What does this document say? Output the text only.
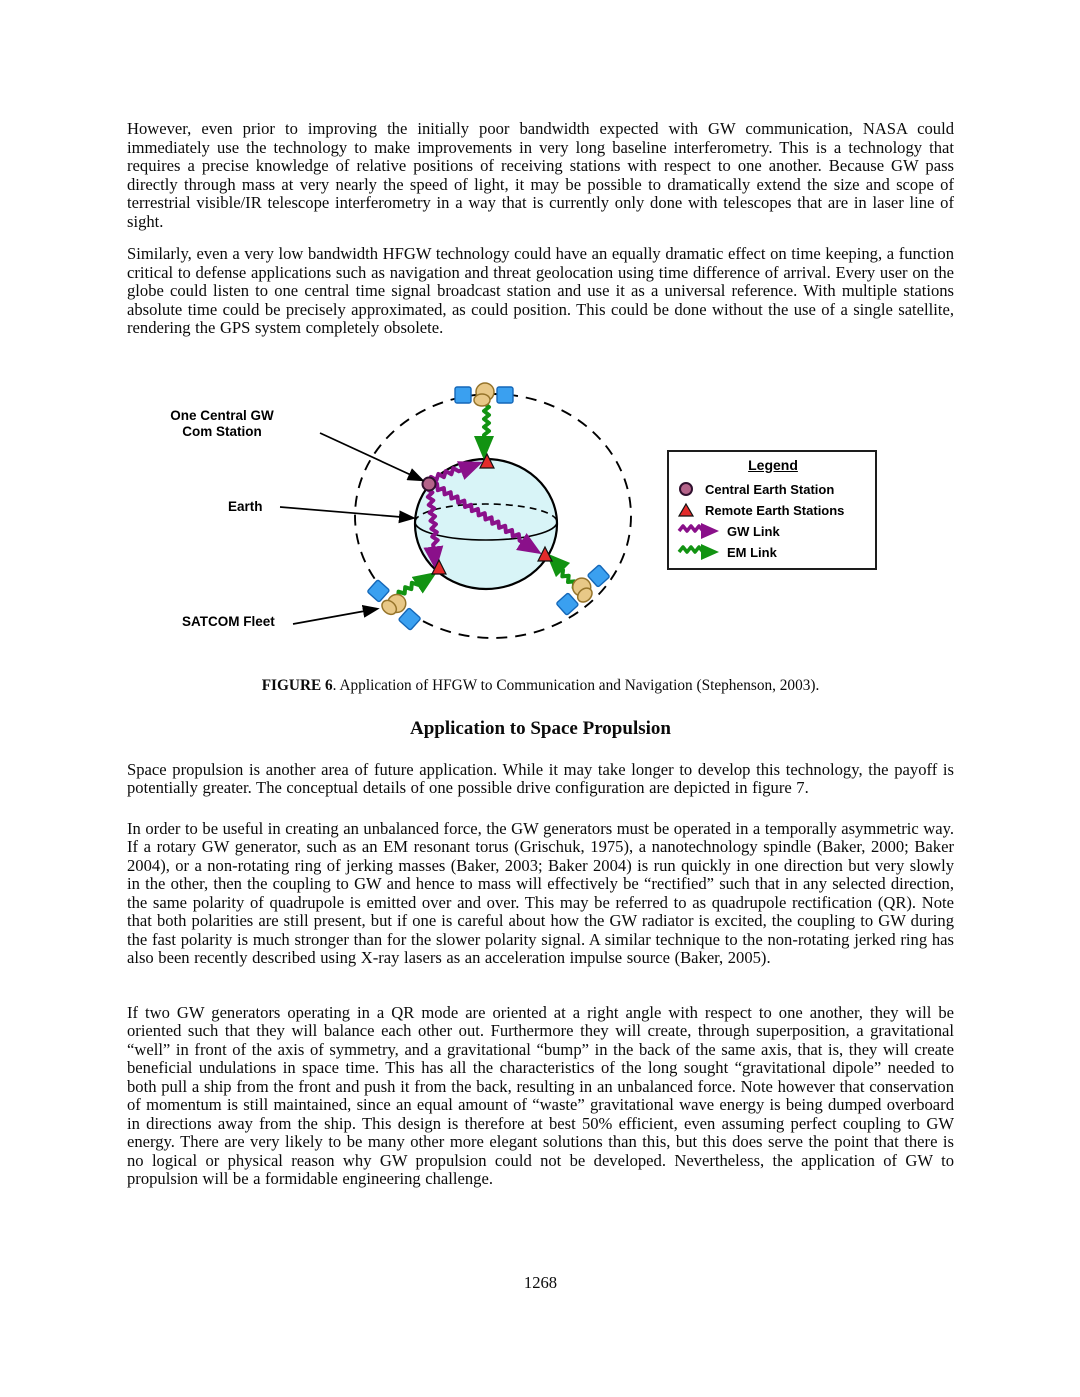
However, even prior to improving the initially poor bandwidth expected with GW communication, NASA could immediately use the technology to make improvements in very long baseline interferometry. This is a technology that requires a precise knowledge of relative positions of receiving stations with respect to one another. Because GW pass directly through mass at very nearly the speed of light, it may be possible to dramatically extend the size and scope of terrestrial visible/IR telescope interferometry in a way that is currently only done with telescopes that are in laser line of sight.

Similarly, even a very low bandwidth HFGW technology could have an equally dramatic effect on time keeping, a function critical to defense applications such as navigation and threat geolocation using time difference of arrival. Every user on the globe could listen to one central time signal broadcast station and use it as a universal reference. With multiple stations absolute time could be precisely approximated, as could position. This could be done without the use of a single satellite, rendering the GPS system completely obsolete.

One Central GW
Com Station
Earth
SATCOM Fleet
Legend
Central Earth Station
Remote Earth Stations
GW Link
EM Link
FIGURE 6. Application of HFGW to Communication and Navigation (Stephenson, 2003).
Application to Space Propulsion

Space propulsion is another area of future application. While it may take longer to develop this technology, the payoff is potentially greater. The conceptual details of one possible drive configuration are depicted in figure 7.

In order to be useful in creating an unbalanced force, the GW generators must be operated in a temporally asymmetric way. If a rotary GW generator, such as an EM resonant torus (Grischuk, 1975), a nanotechnology spindle (Baker, 2000; Baker 2004), or a non-rotating ring of jerking masses (Baker, 2003; Baker 2004) is run quickly in one direction but very slowly in the other, then the coupling to GW and hence to mass will effectively be “rectified” such that in any selected direction, the same polarity of quadrupole is emitted over and over. This may be referred to as quadrupole rectification (QR). Note that both polarities are still present, but if one is careful about how the GW radiator is excited, the coupling to GW during the fast polarity is much stronger than for the slower polarity signal. A similar technique to the non-rotating jerked ring has also been recently described using X-ray lasers as an acceleration impulse source (Baker, 2005).

If two GW generators operating in a QR mode are oriented at a right angle with respect to one another, they will be oriented such that they will balance each other out. Furthermore they will create, through superposition, a gravitational “well” in front of the axis of symmetry, and a gravitational “bump” in the back of the same axis, that is, they will create beneficial undulations in space time. This has all the characteristics of the long sought “gravitational dipole” needed to both pull a ship from the front and push it from the back, resulting in an unbalanced force. Note however that conservation of momentum is still maintained, since an equal amount of “waste” gravitational wave energy is being dumped overboard in directions away from the ship. This design is therefore at best 50% efficient, even assuming perfect coupling to GW energy. There are very likely to be many other more elegant solutions than this, but this does serve the point that there is no logical or physical reason why GW propulsion could not be developed. Nevertheless, the application of GW to propulsion will be a formidable engineering challenge.

1268
